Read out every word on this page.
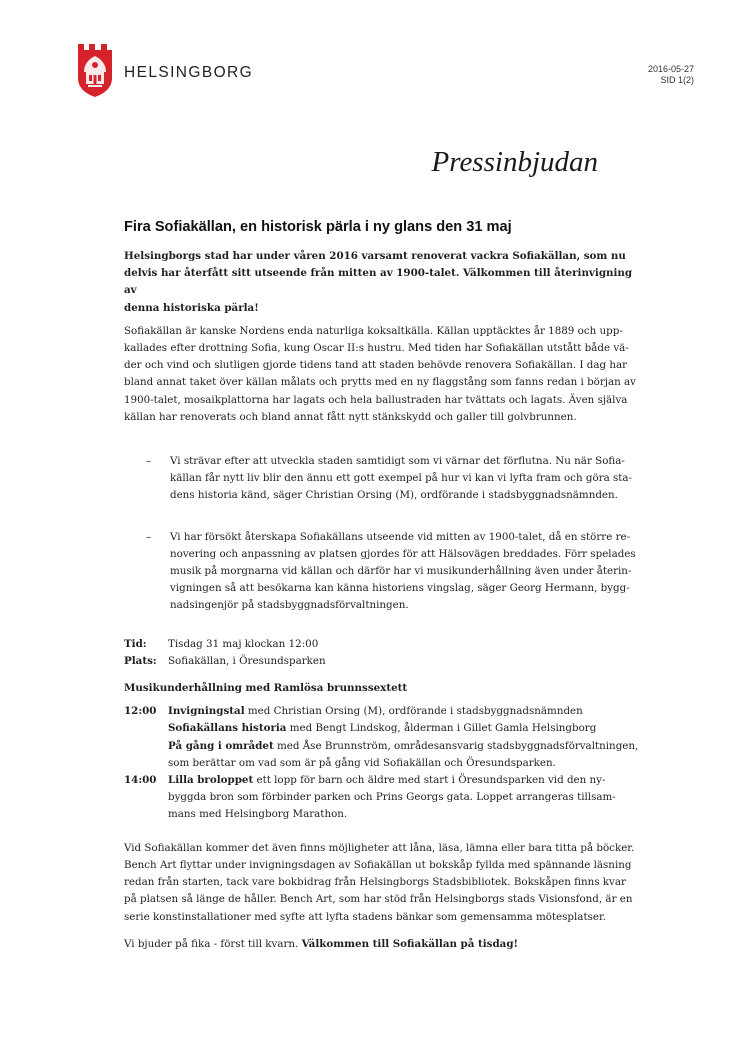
HELSINGBORG	2016-05-27
SID 1(2)
Pressinbjudan
Fira Sofiakällan, en historisk pärla i ny glans den 31 maj
Helsingborgs stad har under våren 2016 varsamt renoverat vackra Sofiakällan, som nu
delvis har återfått sitt utseende från mitten av 1900-talet. Välkommen till återinvigning av
denna historiska pärla!
Sofiakällan är kanske Nordens enda naturliga koksaltkälla. Källan upptäcktes år 1889 och upp-
kallades efter drottning Sofia, kung Oscar II:s hustru. Med tiden har Sofiakällan utstått både vä-
der och vind och slutligen gjorde tidens tand att staden behövde renovera Sofiakällan. I dag har
bland annat taket över källan målats och prytts med en ny flaggstång som fanns redan i början av
1900-talet, mosaikplattorna har lagats och hela ballustraden har tvättats och lagats. Även själva
källan har renoverats och bland annat fått nytt stänkskydd och galler till golvbrunnen.
– Vi strävar efter att utveckla staden samtidigt som vi värnar det förflutna. Nu när Sofia-
källan får nytt liv blir den ännu ett gott exempel på hur vi kan vi lyfta fram och göra sta-
dens historia känd, säger Christian Orsing (M), ordförande i stadsbyggnadsnämnden.
– Vi har försökt återskapa Sofiakällans utseende vid mitten av 1900-talet, då en större re-
novering och anpassning av platsen gjordes för att Hälsovägen breddades. Förr spelades
musik på morgnarna vid källan och därför har vi musikunderhållning även under återin-
vigningen så att besökarna kan känna historiens vingslag, säger Georg Hermann, bygg-
nadsingenjör på stadsbyggnadsförvaltningen.
Tid:	Tisdag 31 maj klockan 12:00
Plats:	Sofiakällan, i Öresundsparken
Musikunderhållning med Ramlösa brunnssextett
12:00	Invigningstal med Christian Orsing (M), ordförande i stadsbyggnadsnämnden
Sofiakällans historia med Bengt Lindskog, ålderman i Gillet Gamla Helsingborg
På gång i området med Åse Brunnström, områdesansvarig stadsbyggnadsförvaltningen,
som berättar om vad som är på gång vid Sofiakällan och Öresundsparken.
14:00	Lilla broloppet ett lopp för barn och äldre med start i Öresundsparken vid den ny-
byggda bron som förbinder parken och Prins Georgs gata. Loppet arrangeras tillsam-
mans med Helsingborg Marathon.
Vid Sofiakällan kommer det även finns möjligheter att låna, läsa, lämna eller bara titta på böcker.
Bench Art flyttar under invigningsdagen av Sofiakällan ut bokskåp fyllda med spännande läsning
redan från starten, tack vare bokbidrag från Helsingborgs Stadsbibliotek. Bokskåpen finns kvar
på platsen så länge de håller. Bench Art, som har stöd från Helsingborgs stads Visionsfond, är en
serie konstinstallationer med syfte att lyfta stadens bänkar som gemensamma mötesplatser.
Vi bjuder på fika - först till kvarn. Välkommen till Sofiakällan på tisdag!
